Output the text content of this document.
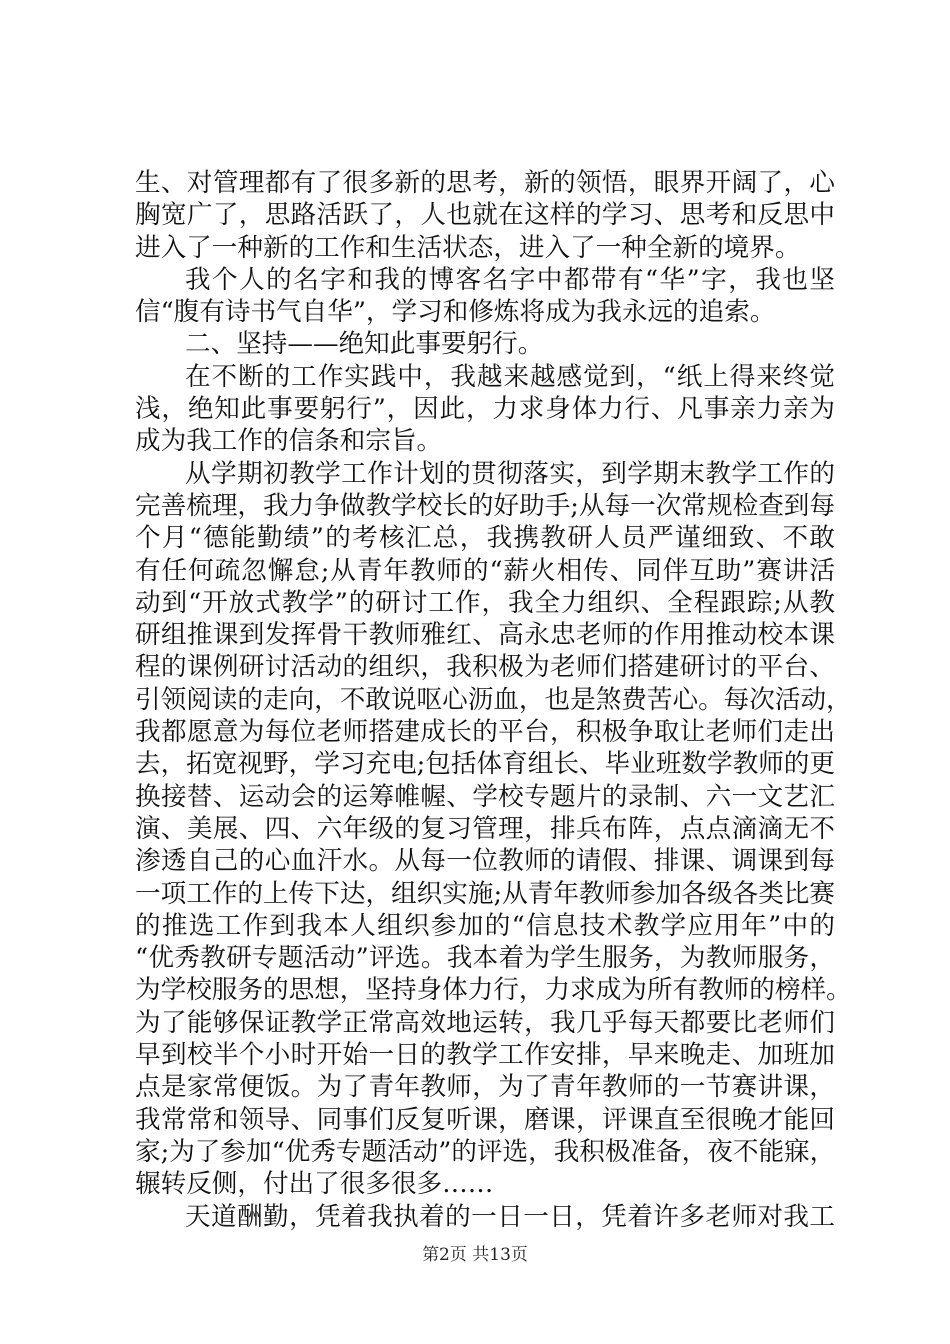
生、对管理都有了很多新的思考，新的领悟，眼界开阔了，心
胸宽广了，思路活跃了，人也就在这样的学习、思考和反思中
进入了一种新的工作和生活状态，进入了一种全新的境界。
我个人的名字和我的博客名字中都带有“华”字，我也坚
信“腹有诗书气自华”，学习和修炼将成为我永远的追索。
二、坚持——绝知此事要躬行。
在不断的工作实践中，我越来越感觉到，“纸上得来终觉
浅，绝知此事要躬行”，因此，力求身体力行、凡事亲力亲为
成为我工作的信条和宗旨。
从学期初教学工作计划的贯彻落实，到学期末教学工作的
完善梳理，我力争做教学校长的好助手;从每一次常规检查到每
个月“德能勤绩”的考核汇总，我携教研人员严谨细致、不敢
有任何疏忽懈怠;从青年教师的“薪火相传、同伴互助”赛讲活
动到“开放式教学”的研讨工作，我全力组织、全程跟踪;从教
研组推课到发挥骨干教师雅红、高永忠老师的作用推动校本课
程的课例研讨活动的组织，我积极为老师们搭建研讨的平台、
引领阅读的走向，不敢说呕心沥血，也是煞费苦心。每次活动，
我都愿意为每位老师搭建成长的平台，积极争取让老师们走出
去，拓宽视野，学习充电;包括体育组长、毕业班数学教师的更
换接替、运动会的运筹帷幄、学校专题片的录制、六一文艺汇
演、美展、四、六年级的复习管理，排兵布阵，点点滴滴无不
渗透自己的心血汗水。从每一位教师的请假、排课、调课到每
一项工作的上传下达，组织实施;从青年教师参加各级各类比赛
的推选工作到我本人组织参加的“信息技术教学应用年”中的
“优秀教研专题活动”评选。我本着为学生服务，为教师服务，
为学校服务的思想，坚持身体力行，力求成为所有教师的榜样。
为了能够保证教学正常高效地运转，我几乎每天都要比老师们
早到校半个小时开始一日的教学工作安排，早来晚走、加班加
点是家常便饭。为了青年教师，为了青年教师的一节赛讲课，
我常常和领导、同事们反复听课，磨课，评课直至很晚才能回
家;为了参加“优秀专题活动”的评选，我积极准备，夜不能寐，
辗转反侧，付出了很多很多……
天道酬勤，凭着我执着的一日一日，凭着许多老师对我工
第2页 共13页
